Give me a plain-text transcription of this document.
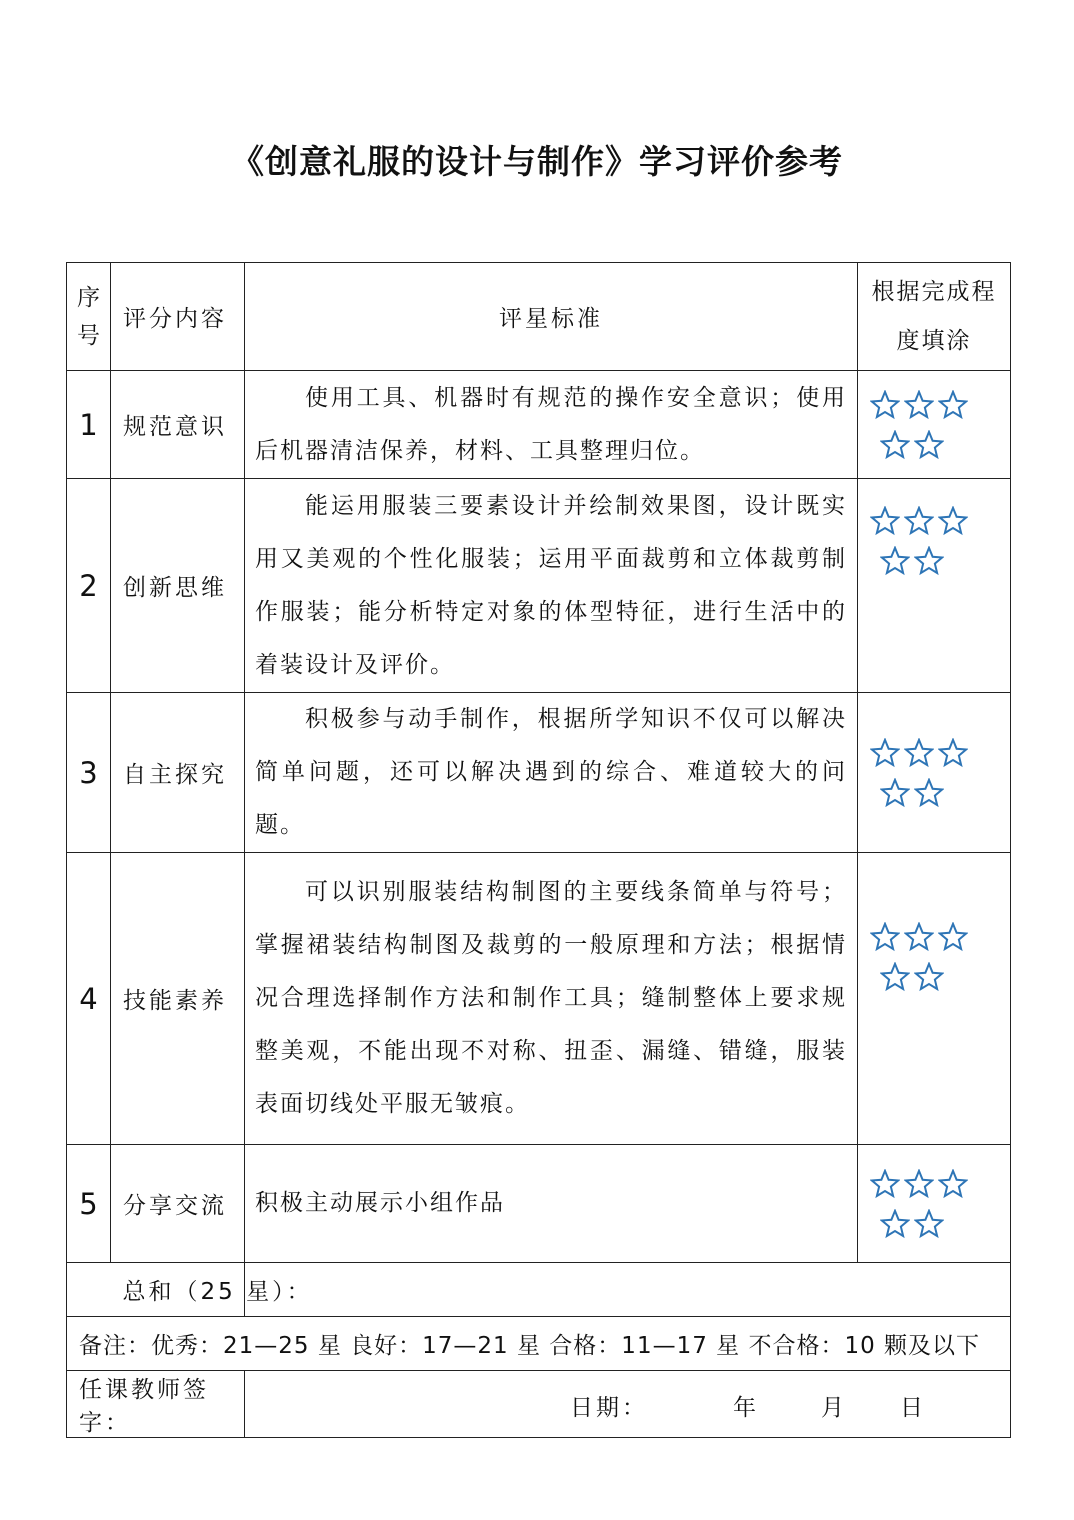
《创意礼服的设计与制作》学习评价参考
序
号	评分内容	评星标准	根据完成程
度填涂
1	规范意识	使用工具、机器时有规范的操作安全意识；使用后机器清洁保养，材料、工具整理归位。

2	创新思维	能运用服装三要素设计并绘制效果图，设计既实用又美观的个性化服装；运用平面裁剪和立体裁剪制作服装；能分析特定对象的体型特征，进行生活中的着装设计及评价。

3	自主探究	积极参与动手制作，根据所学知识不仅可以解决简单问题，还可以解决遇到的综合、难道较大的问题。

4	技能素养	可以识别服装结构制图的主要线条简单与符号；掌握裙装结构制图及裁剪的一般原理和方法；根据情况合理选择制作方法和制作工具；缝制整体上要求规整美观，不能出现不对称、扭歪、漏缝、错缝，服装表面切线处平服无皱痕。

5	分享交流	积极主动展示小组作品	

	总和（25 星）：		
备注：优秀：21—25 星 良好：17—21 星 合格：11—17 星 不合格：10 颗及以下			
任课教师签字：		日期： 年 月 日	
